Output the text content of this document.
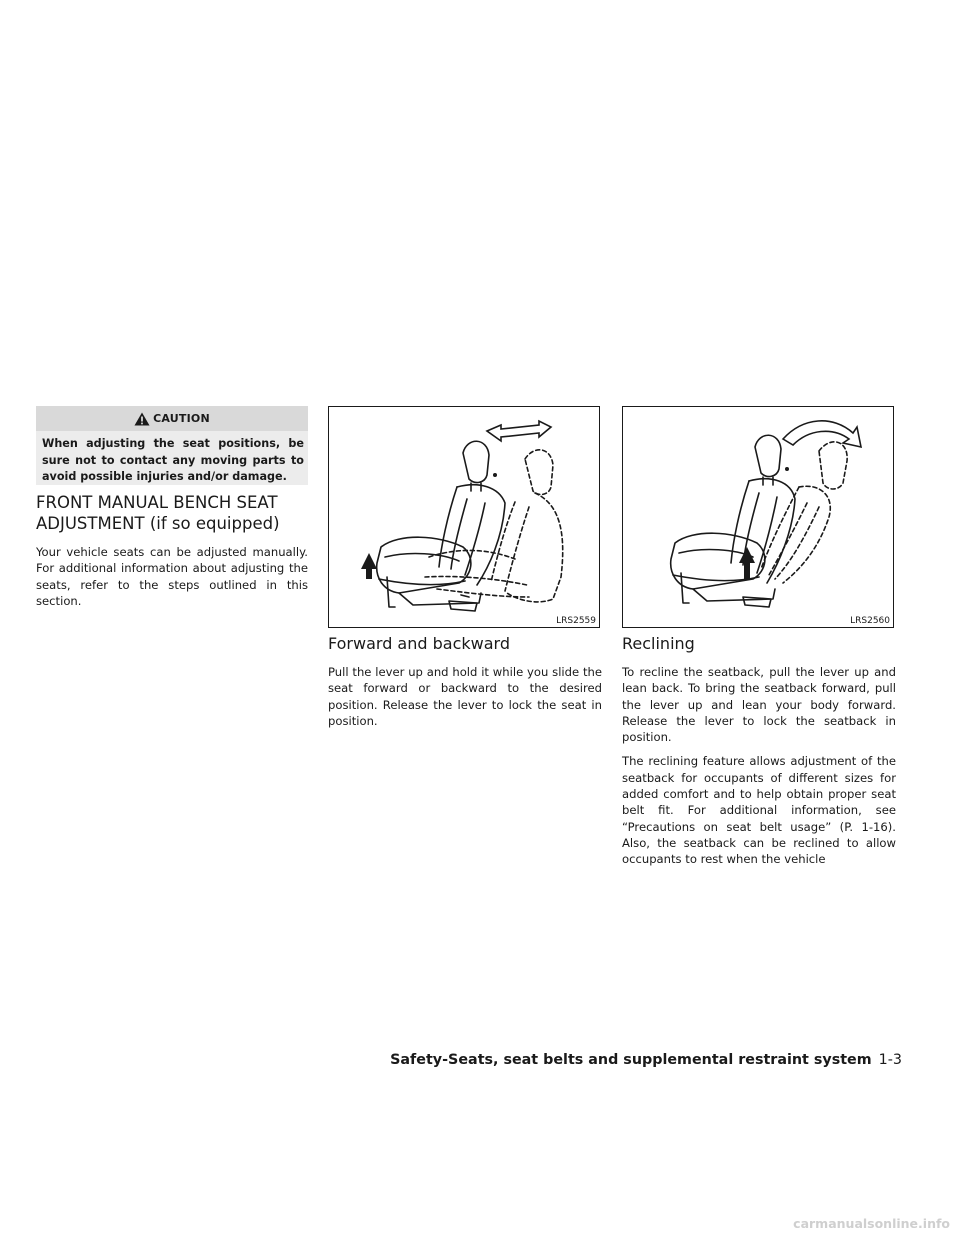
CAUTION
When adjusting the seat positions, be sure not to contact any moving parts to avoid possible injuries and/or damage.
FRONT MANUAL BENCH SEAT
ADJUSTMENT (if so equipped)

Your vehicle seats can be adjusted manually. For additional information about adjusting the seats, refer to the steps outlined in this section.

LRS2559	LRS2560
Forward and backward

Pull the lever up and hold it while you slide the seat forward or backward to the desired position. Release the lever to lock the seat in position.

Reclining

To recline the seatback, pull the lever up and lean back. To bring the seatback forward, pull the lever up and lean your body forward. Release the lever to lock the seatback in position.

The reclining feature allows adjustment of the seatback for occupants of different sizes for added comfort and to help obtain proper seat belt fit. For additional information, see “Precautions on seat belt usage” (P. 1-16). Also, the seatback can be reclined to allow occupants to rest when the vehicle

Safety-Seats, seat belts and supplemental restraint system 1-3
carmanualsonline.info
